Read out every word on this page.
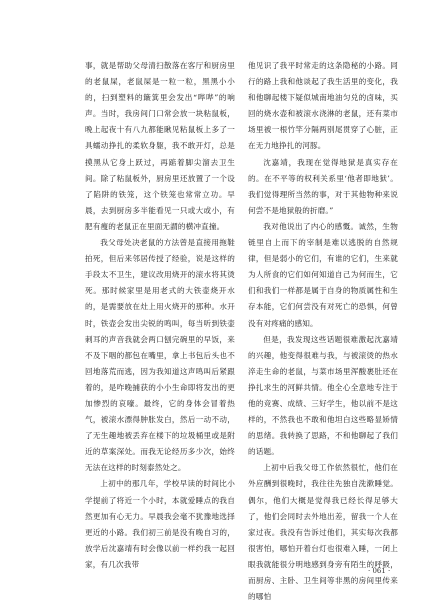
事，就是帮助父母清扫散落在客厅和厨房里的老鼠屎，老鼠屎是一粒一粒，黑黑小小的，扫到塑料的簸箕里会发出“哔哔”的响声。当时，我房间门口常会放一块粘鼠板，晚上起夜十有八九都能瞅见粘鼠板上多了一具蠕动挣扎的柔软身躯，我不敢开灯，总是摸黑从它身上跃过，再踮着脚尖溜去卫生间。除了粘鼠板外，厨房里还放置了一个设了陷阱的铁笼，这个铁笼也常常立功。早晨，去到厨房多半能看见一只或大或小，有肥有瘦的老鼠正在里面无謂的横冲直撞。

我父母处决老鼠的方法曾是直接用拖鞋拍死，但后来邻居传授了经验，说是这样的手段太不卫生，建议改用烧开的滚水将其烫死。那时候家里是用老式的大铁壶烧开水的，是需要放在灶上用火烧开的那种。水开时，铁壶会发出尖锐的鸣叫，每当听到铁壶刺耳的声音我就会两口刨完碗里的早饭，来不及下咽的都包在嘴里，拿上书包后头也不回地落荒而逃，因为我知道这声鸣叫后紧跟着的，是咋晚捕获的小小生命即将发出的更加惨烈的哀嚎。最终，它的身体会冒着热气，被滚水漂得肿胀发白，然后一动不动，了无生趣地被丢弃在楼下的垃圾桶里或是附近的草案深处。而我无论经历多少次，始终无法在这样的时刻泰然处之。

上初中的那几年，学校早读的时间比小学提前了将近一个小时，本就爱睡点的我自然更加有心无力。早晨我会毫不犹豫地选择更近的小路。我们初三前是没有晚自习的，放学后沈嘉靖有时会像以前一样约我一起回家，有几次我带

他见识了我平时常走的这条隐秘的小路。同行的路上我和他谈起了我生活里的变化，我和他聊起楼下疑似城南地油匀兑的卤味，买回的烧水壶和被滚水浇淋的老鼠，还有菜市场里被一根竹竿分隔两别尾贯穿了心脏，正在无力地挣扎的河豚。

沈嘉靖，我现在觉得地狱是真实存在的。在不平等的权利关系里‘他者即地狱’。我们觉得理所当然的事，对于其他物种来说何尝不是地狱般的折磨。”

我对他说出了内心的感慨。诚然，生物链里自上而下的宰制是难以逃脱的自然规律，但是弱小的它们，有谁的它们，生来就为人所食的它们如何知道自己为何而生，它们和我们一样都是属于自身的物质属性和生存本能，它们何尝没有对死亡的恐惧，何曾没有对疼痛的感知。

但是，我发现这些话题很难激起沈嘉靖的兴趣，他变得很难与我，与被滚烫的热水淬走生命的老鼠，与菜市场里浑酸裹肚还在挣扎求生的河鲜共情。他全心全意地专注于他的竞赛、成绩、三好学生，他以前不是这样的，不然我也不敢和他坦白这些略显矫情的思绪。我转换了思路，不和他聊起了我们的话题。

上初中后我父母工作依然很忙，他们在外应酬到很晚时，我往往先独自洗漱睡觉。偶尔，他们大概是觉得我已经长得足够大了，他们会同时去外地出差，留我一个人在家过夜。我没有告诉过他们，其实每次我都很害怕，哪怕开着台灯也很难入睡，一闭上眼我就能很分明地感到身旁有陌生的呼吸，而厨房、主卧、卫生间等非黑的房间里传来的哪怕

· 061 ·
